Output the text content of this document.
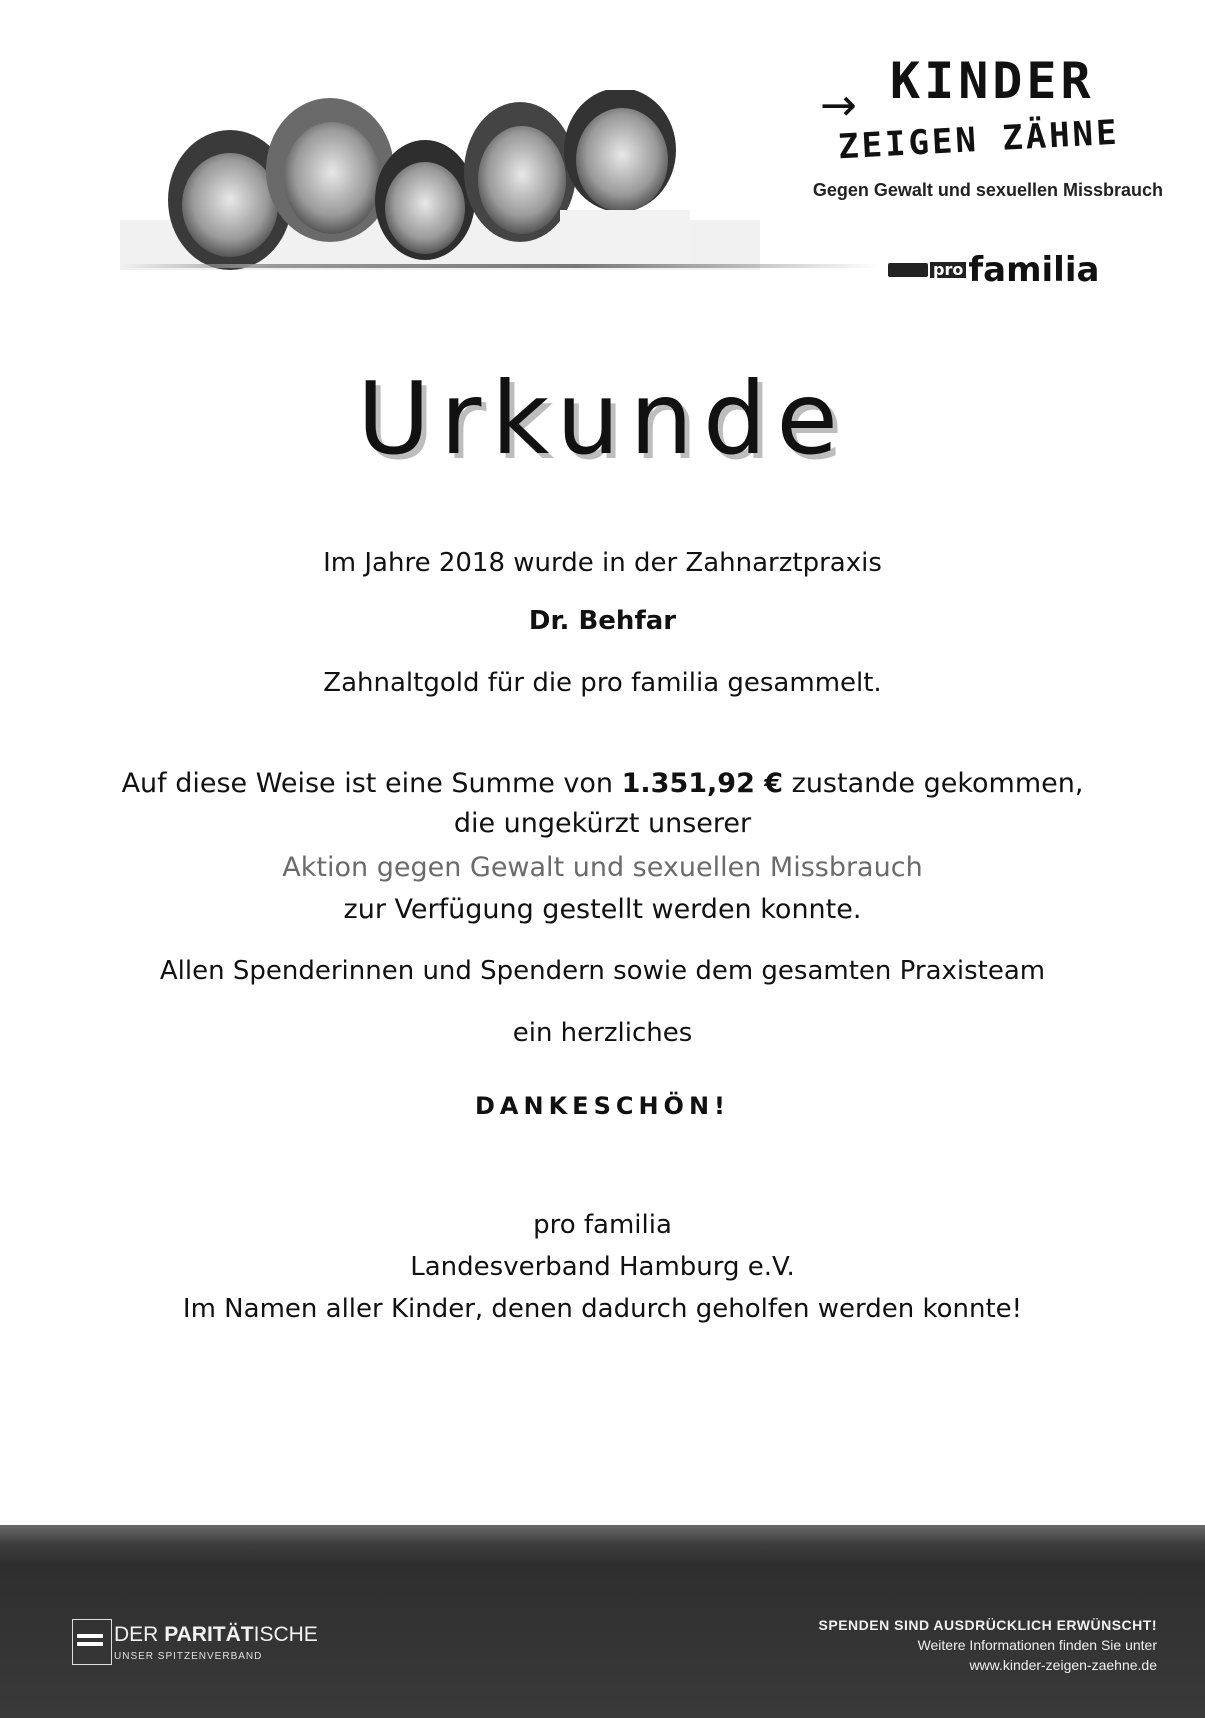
→ KINDER
ZEIGEN ZÄHNE
Gegen Gewalt und sexuellen Missbrauch
pro familia
Urkunde
Im Jahre 2018 wurde in der Zahnarztpraxis
Dr. Behfar
Zahnaltgold für die pro familia gesammelt.
Auf diese Weise ist eine Summe von 1.351,92 € zustande gekommen,
die ungekürzt unserer
Aktion gegen Gewalt und sexuellen Missbrauch
zur Verfügung gestellt werden konnte.
Allen Spenderinnen und Spendern sowie dem gesamten Praxisteam
ein herzliches
DANKESCHÖN!
pro familia
Landesverband Hamburg e.V.
Im Namen aller Kinder, denen dadurch geholfen werden konnte!
DER PARITÄTISCHE
UNSER SPITZENVERBAND
SPENDEN SIND AUSDRÜCKLICH ERWÜNSCHT!
Weitere Informationen finden Sie unter
www.kinder-zeigen-zaehne.de
